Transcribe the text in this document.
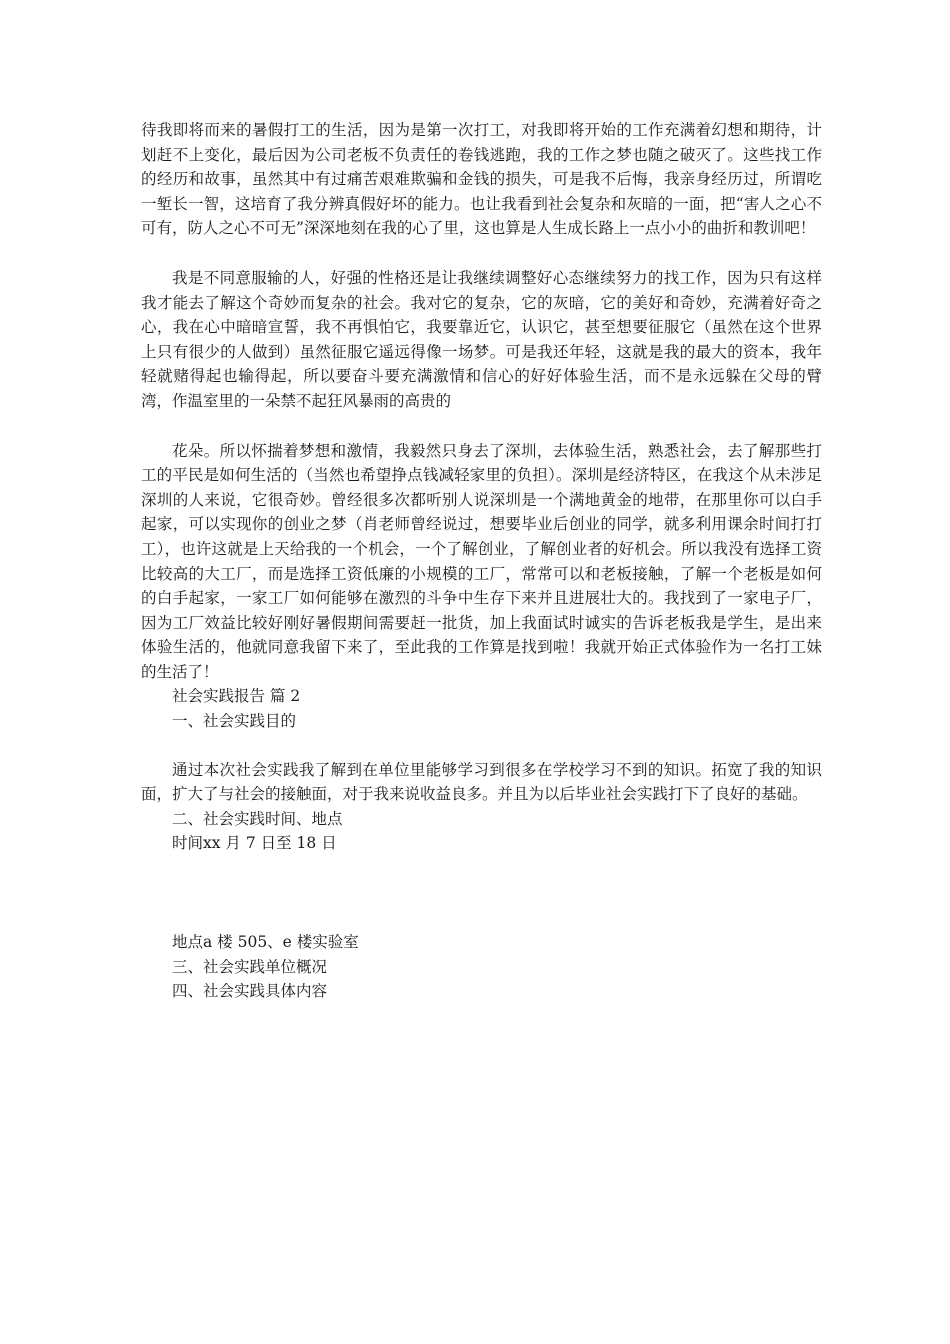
待我即将而来的暑假打工的生活，因为是第一次打工，对我即将开始的工作充满着幻想和期待，计划赶不上变化，最后因为公司老板不负责任的卷钱逃跑，我的工作之梦也随之破灭了。这些找工作的经历和故事，虽然其中有过痛苦艰难欺骗和金钱的损失，可是我不后悔，我亲身经历过，所谓吃一堑长一智，这培育了我分辨真假好坏的能力。也让我看到社会复杂和灰暗的一面，把“害人之心不可有，防人之心不可无”深深地刻在我的心了里，这也算是人生成长路上一点小小的曲折和教训吧！

我是不同意服输的人，好强的性格还是让我继续调整好心态继续努力的找工作，因为只有这样我才能去了解这个奇妙而复杂的社会。我对它的复杂，它的灰暗，它的美好和奇妙，充满着好奇之心，我在心中暗暗宣誓，我不再惧怕它，我要靠近它，认识它，甚至想要征服它（虽然在这个世界上只有很少的人做到）虽然征服它遥远得像一场梦。可是我还年轻，这就是我的最大的资本，我年轻就赌得起也输得起，所以要奋斗要充满激情和信心的好好体验生活，而不是永远躲在父母的臂湾，作温室里的一朵禁不起狂风暴雨的高贵的

花朵。所以怀揣着梦想和激情，我毅然只身去了深圳，去体验生活，熟悉社会，去了解那些打工的平民是如何生活的（当然也希望挣点钱减轻家里的负担）。深圳是经济特区，在我这个从未涉足深圳的人来说，它很奇妙。曾经很多次都听别人说深圳是一个满地黄金的地带，在那里你可以白手起家，可以实现你的创业之梦（肖老师曾经说过，想要毕业后创业的同学，就多利用课余时间打打工），也许这就是上天给我的一个机会，一个了解创业，了解创业者的好机会。所以我没有选择工资比较高的大工厂，而是选择工资低廉的小规模的工厂，常常可以和老板接触，了解一个老板是如何的白手起家，一家工厂如何能够在激烈的斗争中生存下来并且进展壮大的。我找到了一家电子厂，因为工厂效益比较好刚好暑假期间需要赶一批货，加上我面试时诚实的告诉老板我是学生，是出来体验生活的，他就同意我留下来了，至此我的工作算是找到啦！我就开始正式体验作为一名打工妹的生活了！

社会实践报告 篇 2

一、社会实践目的

通过本次社会实践我了解到在单位里能够学习到很多在学校学习不到的知识。拓宽了我的知识面，扩大了与社会的接触面，对于我来说收益良多。并且为以后毕业社会实践打下了良好的基础。

二、社会实践时间、地点

时间xx 月 7 日至 18 日

地点a 楼 505、e 楼实验室

三、社会实践单位概况

四、社会实践具体内容
